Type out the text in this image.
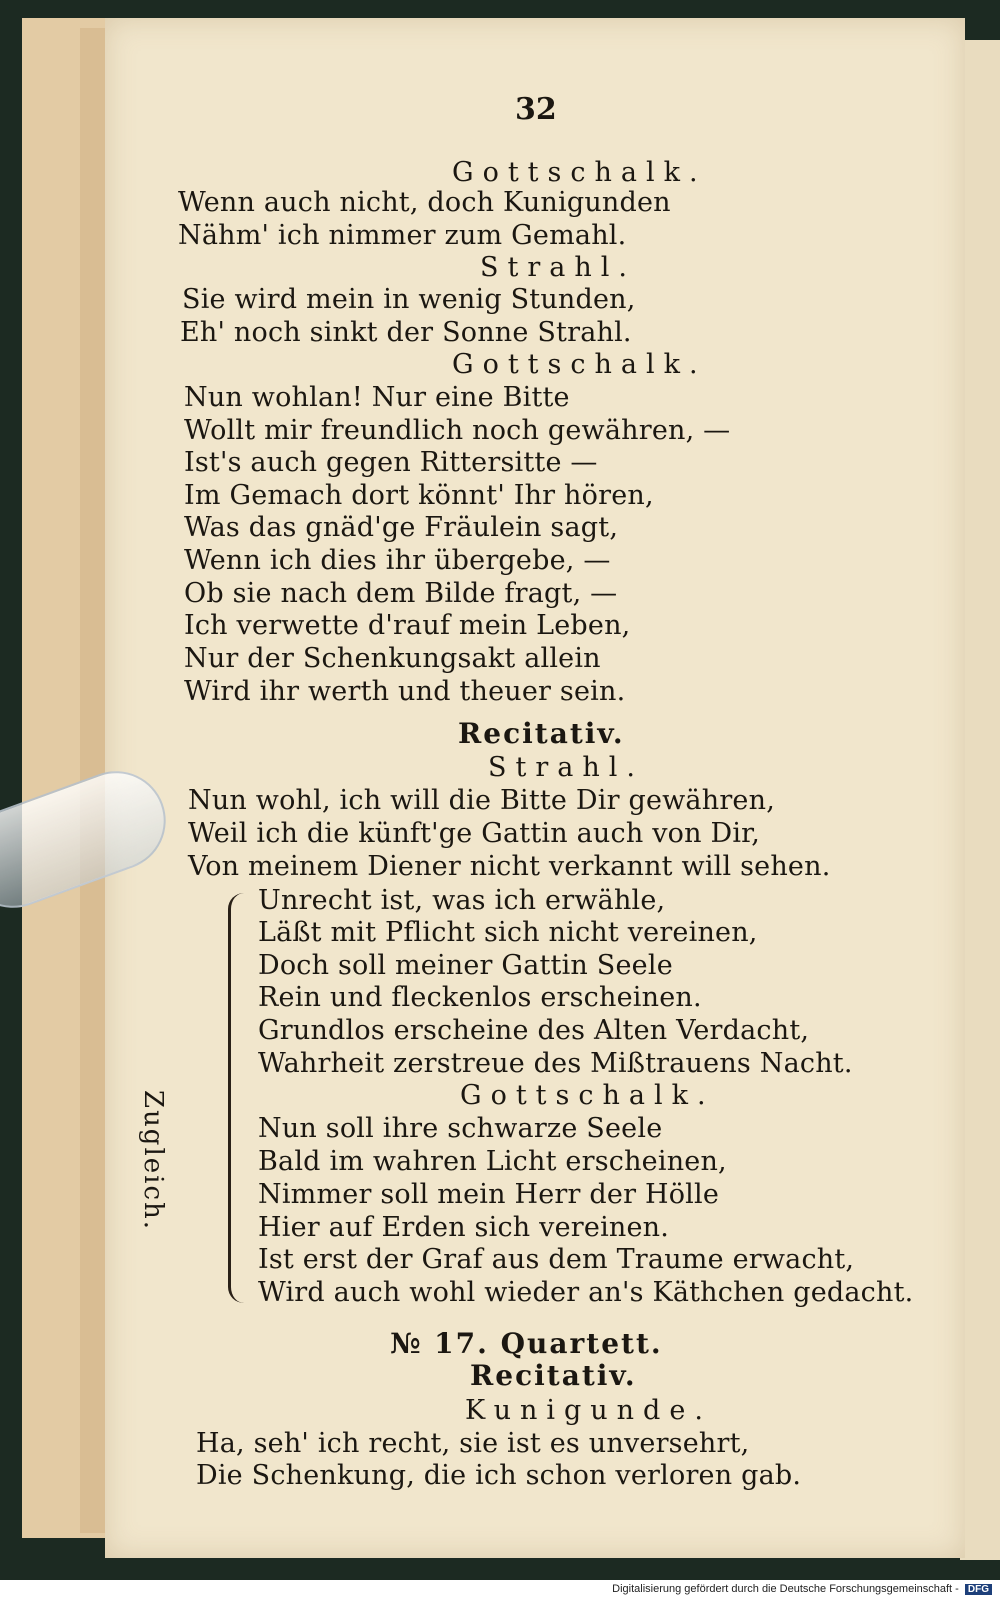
32
Gottschalk.
Wenn auch nicht, doch Kunigunden
Nähm' ich nimmer zum Gemahl.
Strahl.
Sie wird mein in wenig Stunden,
Eh' noch sinkt der Sonne Strahl.
Gottschalk.
Nun wohlan! Nur eine Bitte
Wollt mir freundlich noch gewähren, —
Ist's auch gegen Rittersitte —
Im Gemach dort könnt' Ihr hören,
Was das gnäd'ge Fräulein sagt,
Wenn ich dies ihr übergebe, —
Ob sie nach dem Bilde fragt, —
Ich verwette d'rauf mein Leben,
Nur der Schenkungsakt allein
Wird ihr werth und theuer sein.
Recitativ.
Strahl.
Nun wohl, ich will die Bitte Dir gewähren,
Weil ich die künft'ge Gattin auch von Dir,
Von meinem Diener nicht verkannt will sehen.
Unrecht ist, was ich erwähle,
Läßt mit Pflicht sich nicht vereinen,
Doch soll meiner Gattin Seele
Rein und fleckenlos erscheinen.
Grundlos erscheine des Alten Verdacht,
Wahrheit zerstreue des Mißtrauens Nacht.
Gottschalk.
Nun soll ihre schwarze Seele
Bald im wahren Licht erscheinen,
Nimmer soll mein Herr der Hölle
Hier auf Erden sich vereinen.
Ist erst der Graf aus dem Traume erwacht,
Wird auch wohl wieder an's Käthchen gedacht.
№ 17. Quartett.
Recitativ.
Kunigunde.
Ha, seh' ich recht, sie ist es unversehrt,
Die Schenkung, die ich schon verloren gab.
Zugleich.
Digitalisierung gefördert durch die Deutsche Forschungsgemeinschaft - DFG
